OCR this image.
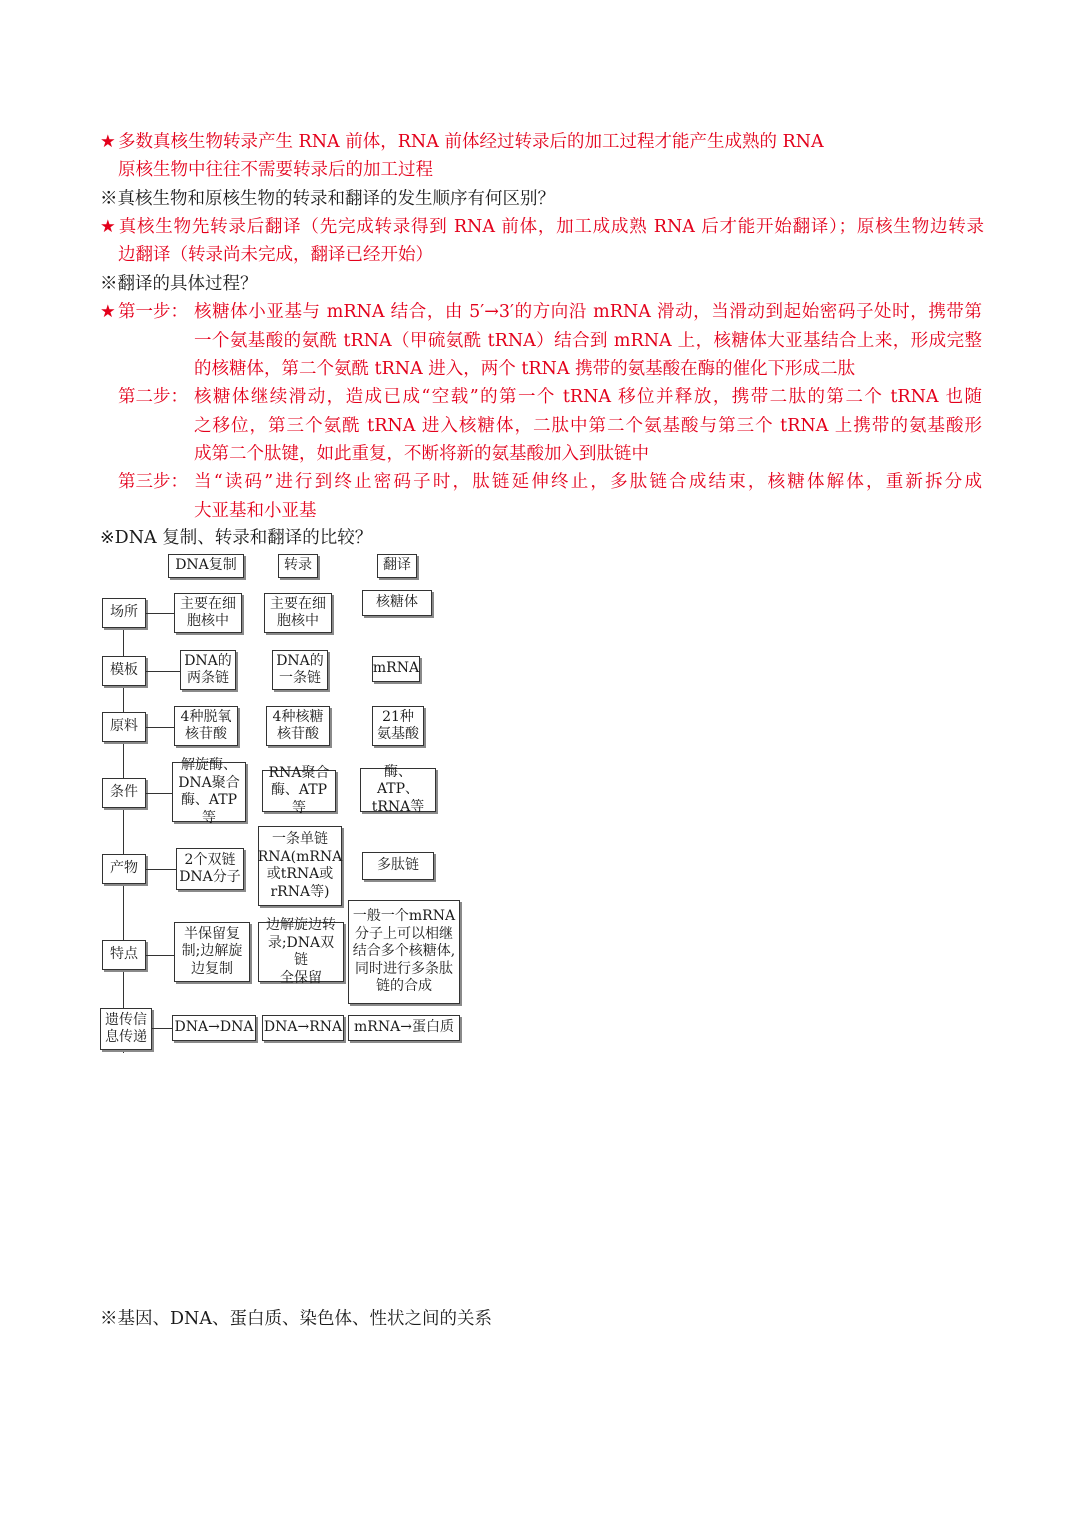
★ 多数真核生物转录产生 RNA 前体，RNA 前体经过转录后的加工过程才能产生成熟的 RNA
原核生物中往往不需要转录后的加工过程
※真核生物和原核生物的转录和翻译的发生顺序有何区别？
★ 真核生物先转录后翻译（先完成转录得到 RNA 前体，加工成成熟 RNA 后才能开始翻译）；原核生物边转录
边翻译（转录尚未完成，翻译已经开始）
※翻译的具体过程？
★ 第一步： 核糖体小亚基与 mRNA 结合，由 5′→3′的方向沿 mRNA 滑动，当滑动到起始密码子处时，携带第
一个氨基酸的氨酰 tRNA（甲硫氨酰 tRNA）结合到 mRNA 上，核糖体大亚基结合上来，形成完整
的核糖体，第二个氨酰 tRNA 进入，两个 tRNA 携带的氨基酸在酶的催化下形成二肽
第二步： 核糖体继续滑动，造成已成“空载”的第一个 tRNA 移位并释放，携带二肽的第二个 tRNA 也随
之移位，第三个氨酰 tRNA 进入核糖体，二肽中第二个氨基酸与第三个 tRNA 上携带的氨基酸形
成第二个肽键，如此重复，不断将新的氨基酸加入到肽链中
第三步： 当“读码”进行到终止密码子时，肽链延伸终止，多肽链合成结束，核糖体解体，重新拆分成
大亚基和小亚基
※DNA 复制、转录和翻译的比较？
DNA复制	转录	翻译
场所
主要在细
胞核中
主要在细
胞核中
核糖体
模板
DNA的
两条链
DNA的
一条链
mRNA
原料
4种脱氧
核苷酸
4种核糖
核苷酸
21种
氨基酸
条件
解旋酶、
DNA聚合
酶、ATP等
RNA聚合
酶、ATP等
酶、ATP、
tRNA等
产物
2个双链
DNA分子
一条单链
RNA(mRNA
或tRNA或
rRNA等)
多肽链
特点
半保留复
制;边解旋
边复制
边解旋边转
录;DNA双链
全保留
一般一个mRNA
分子上可以相继
结合多个核糖体,
同时进行多条肽
链的合成
遗传信
息传递
DNA→DNA DNA→RNA mRNA→蛋白质
※基因、DNA、蛋白质、染色体、性状之间的关系
